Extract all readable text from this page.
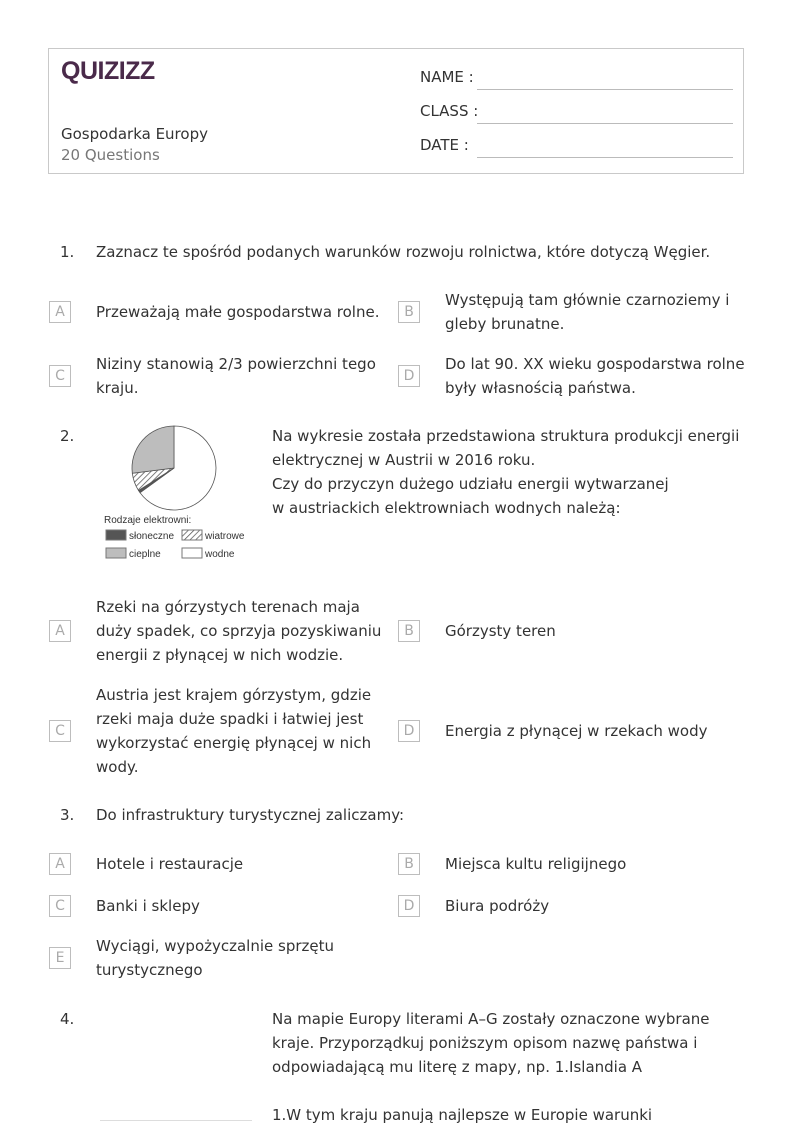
QUIZIZZ
Gospodarka Europy
20 Questions
NAME :
CLASS :
DATE :
1. Zaznacz te spośród podanych warunków rozwoju rolnictwa, które dotyczą Węgier.
A	Przeważają małe gospodarstwa rolne.	B
Występują tam głównie czarnoziemy i gleby brunatne.
C
Niziny stanowią 2/3 powierzchni tego kraju.
D
Do lat 90. XX wieku gospodarstwa rolne były własnością państwa.
2.
Rodzaje elektrowni:
słoneczne	wiatrowe
cieplne	wodne
Na wykresie została przedstawiona struktura produkcji energii elektrycznej w Austrii w 2016 roku.
Czy do przyczyn dużego udziału energii wytwarzanej
w austriackich elektrowniach wodnych należą:
A
Rzeki na górzystych terenach maja duży spadek, co sprzyja pozyskiwaniu energii z płynącej w nich wodzie.
B	Górzysty teren
C
Austria jest krajem górzystym, gdzie rzeki maja duże spadki i łatwiej jest wykorzystać energię płynącej w nich wody.
D	Energia z płynącej w rzekach wody
3. Do infrastruktury turystycznej zaliczamy:
A	Hotele i restauracje	B	Miejsca kultu religijnego
C	Banki i sklepy	D	Biura podróży
E
Wyciągi, wypożyczalnie sprzętu turystycznego
4.	Na mapie Europy literami A–G zostały oznaczone wybrane kraje. Przyporządkuj poniższym opisom nazwę państwa i odpowiadającą mu literę z mapy, np. 1.Islandia A
1.W tym kraju panują najlepsze w Europie warunki
